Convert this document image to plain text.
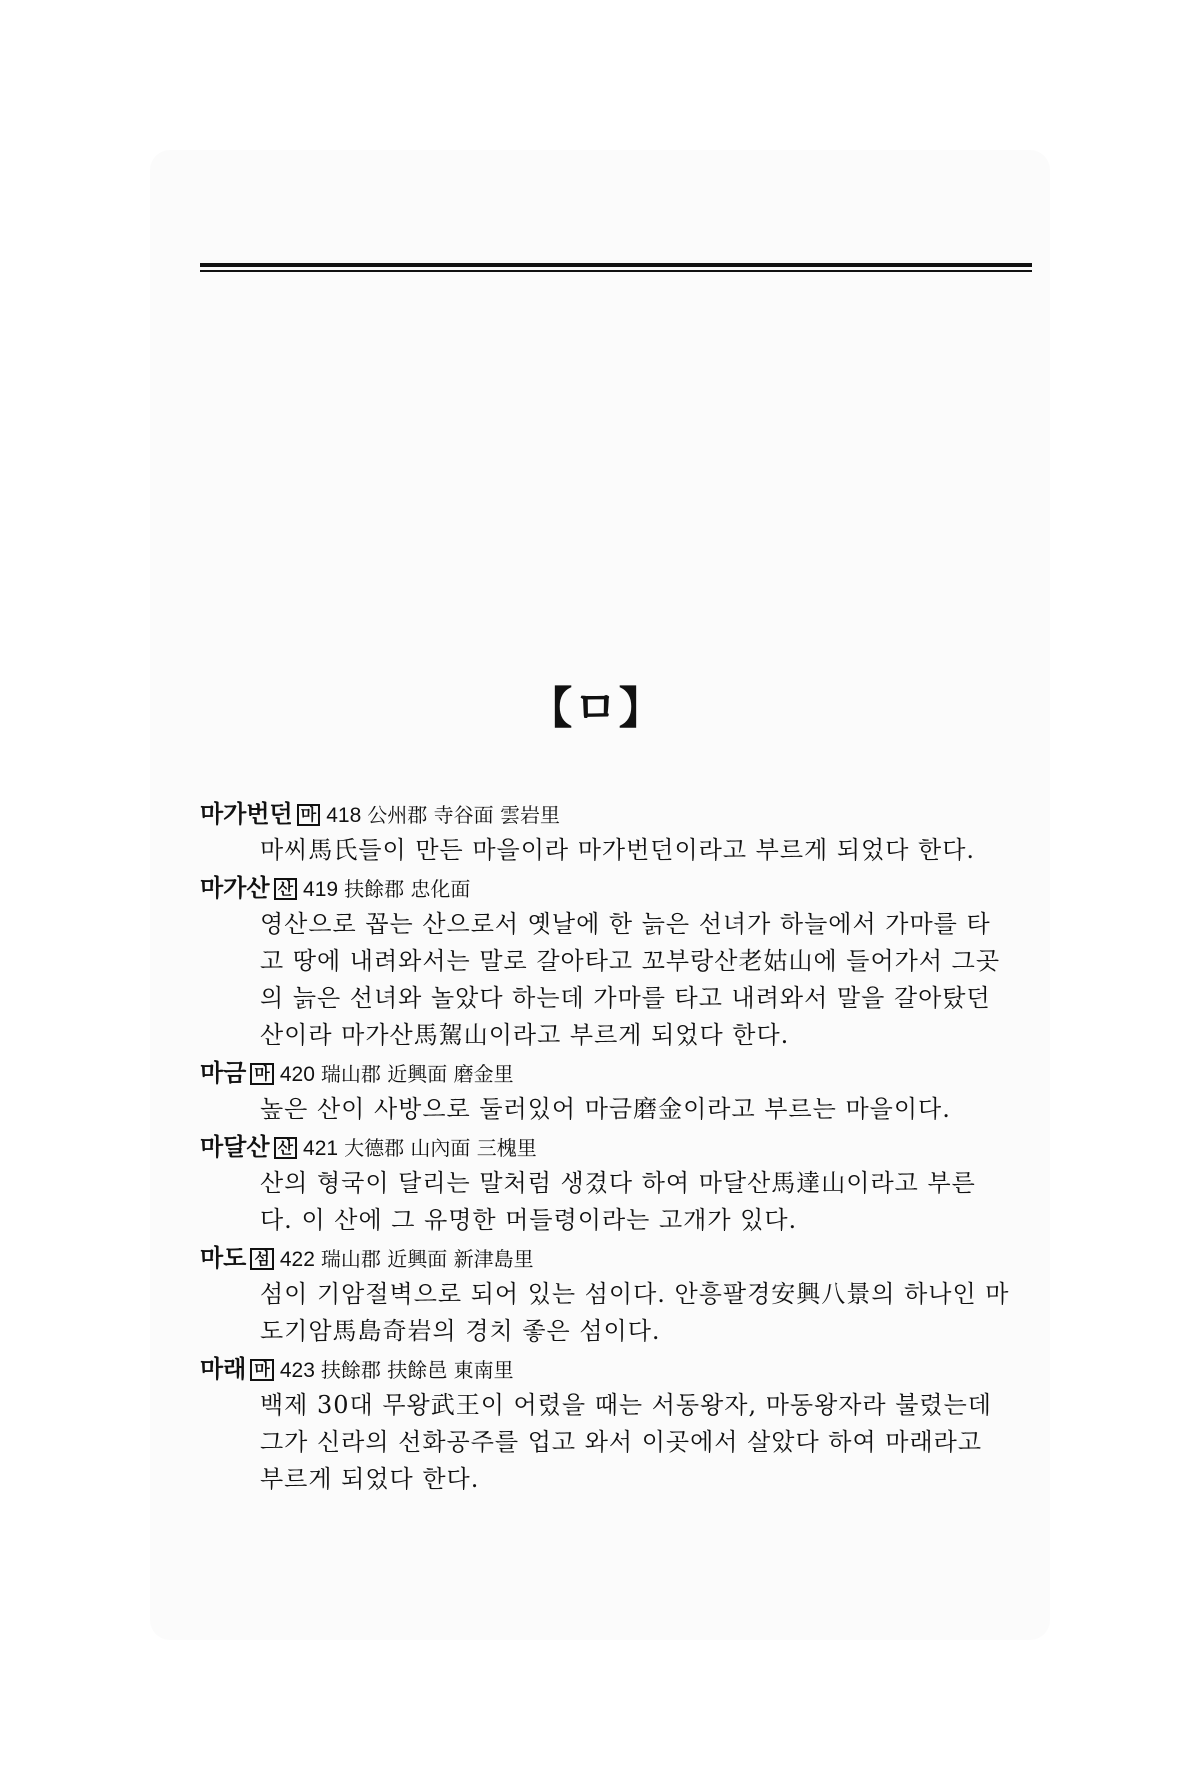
【ㅁ】
마가번던 마 418 公州郡 寺谷面 雲岩里
마씨馬氏들이 만든 마을이라 마가번던이라고 부르게 되었다 한다.
마가산 산 419 扶餘郡 忠化面
영산으로 꼽는 산으로서 옛날에 한 늙은 선녀가 하늘에서 가마를 타
고 땅에 내려와서는 말로 갈아타고 꼬부랑산老姑山에 들어가서 그곳
의 늙은 선녀와 놀았다 하는데 가마를 타고 내려와서 말을 갈아탔던
산이라 마가산馬駕山이라고 부르게 되었다 한다.
마금 마 420 瑞山郡 近興面 磨金里
높은 산이 사방으로 둘러있어 마금磨金이라고 부르는 마을이다.
마달산 산 421 大德郡 山內面 三槐里
산의 형국이 달리는 말처럼 생겼다 하여 마달산馬達山이라고 부른
다. 이 산에 그 유명한 머들령이라는 고개가 있다.
마도 섬 422 瑞山郡 近興面 新津島里
섬이 기암절벽으로 되어 있는 섬이다. 안흥팔경安興八景의 하나인 마
도기암馬島奇岩의 경치 좋은 섬이다.
마래 마 423 扶餘郡 扶餘邑 東南里
백제 30대 무왕武王이 어렸을 때는 서동왕자, 마동왕자라 불렸는데
그가 신라의 선화공주를 업고 와서 이곳에서 살았다 하여 마래라고
부르게 되었다 한다.
